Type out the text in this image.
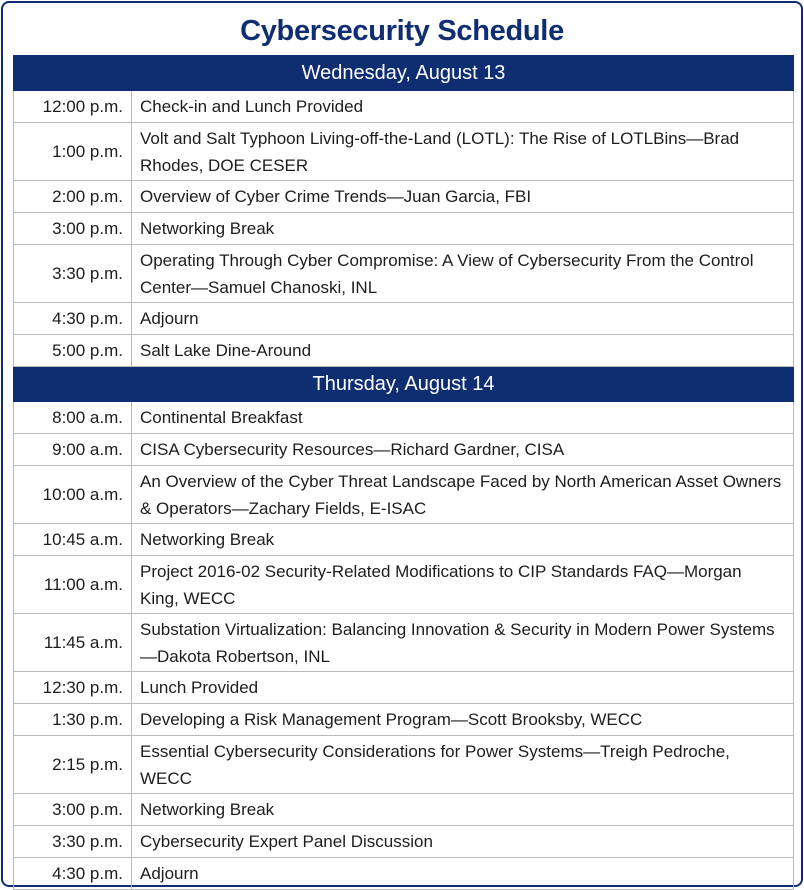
Cybersecurity Schedule
Wednesday, August 13	
12:00 p.m.	Check-in and Lunch Provided
1:00 p.m.	Volt and Salt Typhoon Living-off-the-Land (LOTL): The Rise of LOTLBins—Brad Rhodes, DOE CESER
2:00 p.m.	Overview of Cyber Crime Trends—Juan Garcia, FBI
3:00 p.m.	Networking Break
3:30 p.m.	Operating Through Cyber Compromise: A View of Cybersecurity From the Control Center—Samuel Chanoski, INL
4:30 p.m.	Adjourn
5:00 p.m.	Salt Lake Dine-Around
Thursday, August 14	
8:00 a.m.	Continental Breakfast
9:00 a.m.	CISA Cybersecurity Resources—Richard Gardner, CISA
10:00 a.m.	An Overview of the Cyber Threat Landscape Faced by North American Asset Owners & Operators—Zachary Fields, E-ISAC
10:45 a.m.	Networking Break
11:00 a.m.	Project 2016-02 Security-Related Modifications to CIP Standards FAQ—Morgan King, WECC
11:45 a.m.	Substation Virtualization: Balancing Innovation & Security in Modern Power Systems—Dakota Robertson, INL
12:30 p.m.	Lunch Provided
1:30 p.m.	Developing a Risk Management Program—Scott Brooksby, WECC
2:15 p.m.	Essential Cybersecurity Considerations for Power Systems—Treigh Pedroche, WECC
3:00 p.m.	Networking Break
3:30 p.m.	Cybersecurity Expert Panel Discussion
4:30 p.m.	Adjourn
